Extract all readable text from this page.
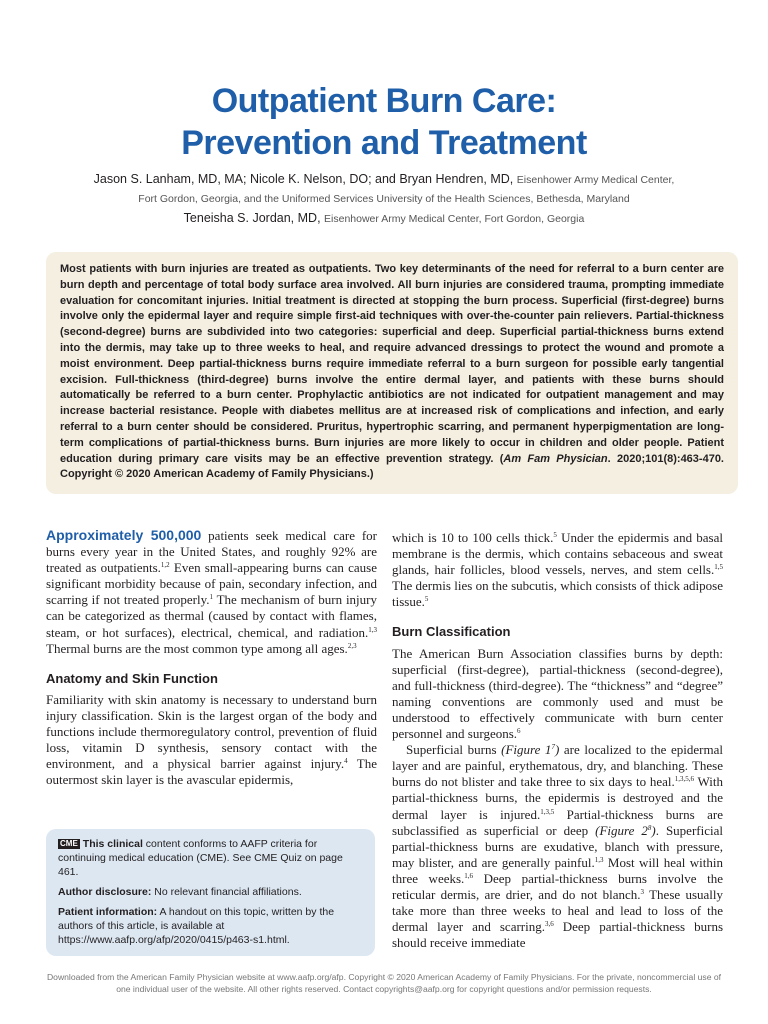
Outpatient Burn Care:
Prevention and Treatment

Jason S. Lanham, MD, MA; Nicole K. Nelson, DO; and Bryan Hendren, MD, Eisenhower Army Medical Center,

Fort Gordon, Georgia, and the Uniformed Services University of the Health Sciences, Bethesda, Maryland

Teneisha S. Jordan, MD, Eisenhower Army Medical Center, Fort Gordon, Georgia

Most patients with burn injuries are treated as outpatients. Two key determinants of the need for referral to a burn center are burn depth and percentage of total body surface area involved. All burn injuries are considered trauma, prompting immediate evaluation for concomitant injuries. Initial treatment is directed at stopping the burn process. Superficial (first-degree) burns involve only the epidermal layer and require simple first-aid techniques with over-the-counter pain relievers. Partial-thickness (second-degree) burns are subdivided into two categories: superficial and deep. Superficial partial-thickness burns extend into the dermis, may take up to three weeks to heal, and require advanced dressings to protect the wound and promote a moist environment. Deep partial-thickness burns require immediate referral to a burn surgeon for possible early tangential excision. Full-thickness (third-degree) burns involve the entire dermal layer, and patients with these burns should automatically be referred to a burn center. Prophylactic antibiotics are not indicated for outpatient management and may increase bacterial resistance. People with diabetes mellitus are at increased risk of complications and infection, and early referral to a burn center should be considered. Pruritus, hypertrophic scarring, and permanent hyperpigmentation are long-term complications of partial-thickness burns. Burn injuries are more likely to occur in children and older people. Patient education during primary care visits may be an effective prevention strategy. (Am Fam Physician. 2020;101(8):463-470. Copyright © 2020 American Academy of Family Physicians.)

Approximately 500,000 patients seek medical care for burns every year in the United States, and roughly 92% are treated as outpatients.$^{1,2}$ Even small-appearing burns can cause significant morbidity because of pain, secondary infection, and scarring if not treated properly.$^1$ The mechanism of burn injury can be categorized as thermal (caused by contact with flames, steam, or hot surfaces), electrical, chemical, and radiation.$^{1,3}$ Thermal burns are the most common type among all ages.$^{2,3}$

Anatomy and Skin Function

Familiarity with skin anatomy is necessary to understand burn injury classification. Skin is the largest organ of the body and functions include thermoregulatory control, prevention of fluid loss, vitamin D synthesis, sensory contact with the environment, and a physical barrier against injury.$^4$ The outermost skin layer is the avascular epidermis,

CME This clinical content conforms to AAFP criteria for continuing medical education (CME). See CME Quiz on page 461.

Author disclosure: No relevant financial affiliations.

Patient information: A handout on this topic, written by the authors of this article, is available at https://www.aafp.org/afp/2020/0415/p463-s1.html.

which is 10 to 100 cells thick.$^5$ Under the epidermis and basal membrane is the dermis, which contains sebaceous and sweat glands, hair follicles, blood vessels, nerves, and stem cells.$^{1,5}$ The dermis lies on the subcutis, which consists of thick adipose tissue.$^5$

Burn Classification

The American Burn Association classifies burns by depth: superficial (first-degree), partial-thickness (second-degree), and full-thickness (third-degree). The “thickness” and “degree” naming conventions are commonly used and must be understood to effectively communicate with burn center personnel and surgeons.$^6$

Superficial burns (Figure $1^7$) are localized to the epidermal layer and are painful, erythematous, dry, and blanching. These burns do not blister and take three to six days to heal.$^{1,3,5,6}$ With partial-thickness burns, the epidermis is destroyed and the dermal layer is injured.$^{1,3,5}$ Partial-thickness burns are subclassified as superficial or deep (Figure $2^8$). Superficial partial-thickness burns are exudative, blanch with pressure, may blister, and are generally painful.$^{1,3}$ Most will heal within three weeks.$^{1,6}$ Deep partial-thickness burns involve the reticular dermis, are drier, and do not blanch.$^3$ These usually take more than three weeks to heal and lead to loss of the dermal layer and scarring.$^{3,6}$ Deep partial-thickness burns should receive immediate

Downloaded from the American Family Physician website at www.aafp.org/afp. Copyright © 2020 American Academy of Family Physicians. For the private, noncommercial use of one individual user of the website. All other rights reserved. Contact copyrights@aafp.org for copyright questions and/or permission requests.
